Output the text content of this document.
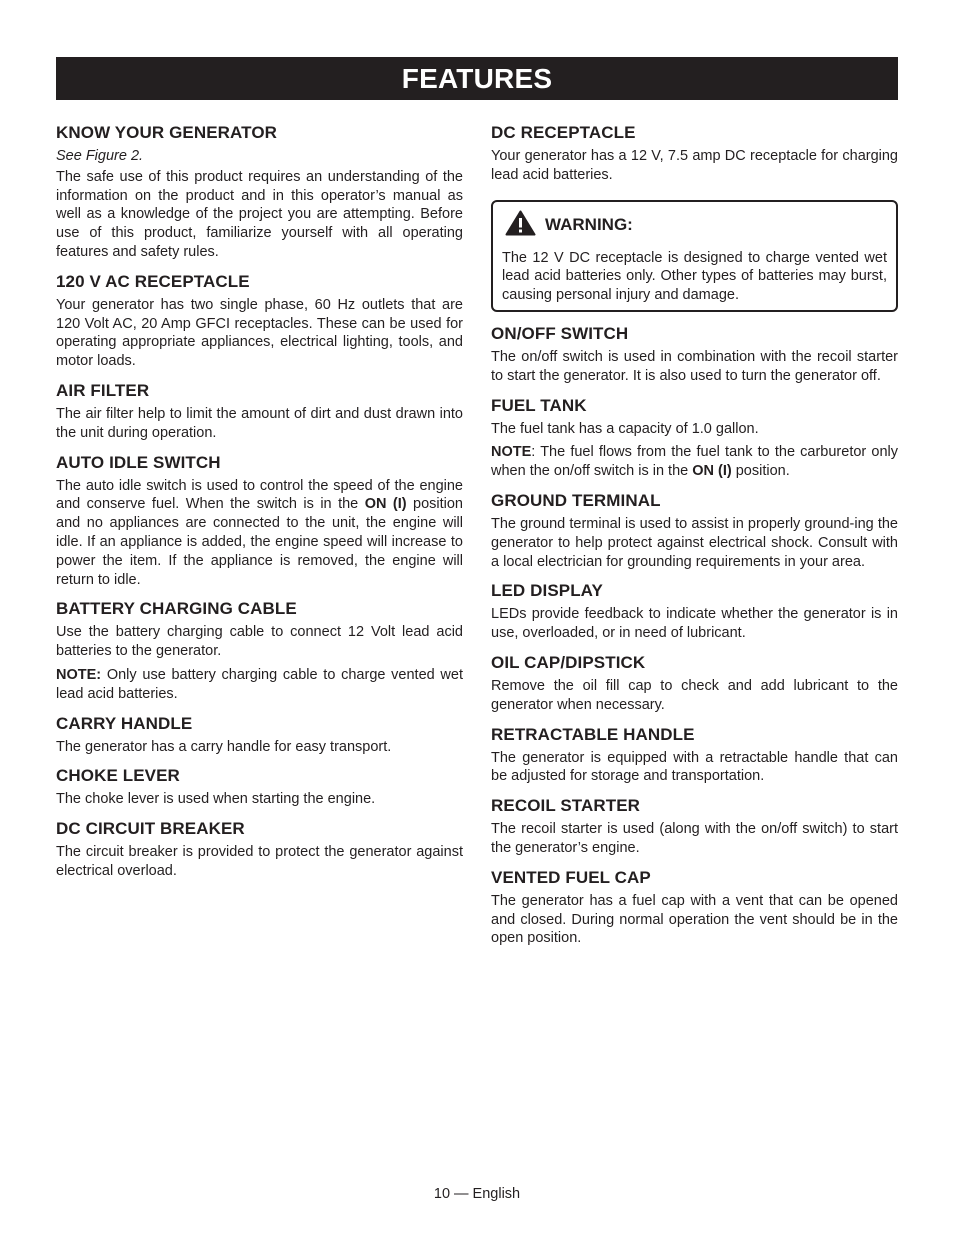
FEATURES
KNOW YOUR GENERATOR

See Figure 2.

The safe use of this product requires an understanding of the information on the product and in this operator’s manual as well as a knowledge of the project you are attempting. Before use of this product, familiarize yourself with all operating features and safety rules.

120 V AC RECEPTACLE

Your generator has two single phase, 60 Hz outlets that are 120 Volt AC, 20 Amp GFCI receptacles. These can be used for operating appropriate appliances, electrical lighting, tools, and motor loads.

AIR FILTER

The air filter help to limit the amount of dirt and dust drawn into the unit during operation.

AUTO IDLE SWITCH

The auto idle switch is used to control the speed of the engine and conserve fuel. When the switch is in the ON (I) position and no appliances are connected to the unit, the engine will idle. If an appliance is added, the engine speed will increase to power the item. If the appliance is removed, the engine will return to idle.

BATTERY CHARGING CABLE

Use the battery charging cable to connect 12 Volt lead acid batteries to the generator.

NOTE: Only use battery charging cable to charge vented wet lead acid batteries.

CARRY HANDLE

The generator has a carry handle for easy transport.

CHOKE LEVER

The choke lever is used when starting the engine.

DC CIRCUIT BREAKER

The circuit breaker is provided to protect the generator against electrical overload.

DC RECEPTACLE

Your generator has a 12 V, 7.5 amp DC receptacle for charging lead acid batteries.

WARNING:

The 12 V DC receptacle is designed to charge vented wet lead acid batteries only. Other types of batteries may burst, causing personal injury and damage.

ON/OFF SWITCH

The on/off switch is used in combination with the recoil starter to start the generator. It is also used to turn the generator off.

FUEL TANK

The fuel tank has a capacity of 1.0 gallon.

NOTE: The fuel flows from the fuel tank to the carburetor only when the on/off switch is in the ON (I) position.

GROUND TERMINAL

The ground terminal is used to assist in properly ground-ing the generator to help protect against electrical shock. Consult with a local electrician for grounding requirements in your area.

LED DISPLAY

LEDs provide feedback to indicate whether the generator is in use, overloaded, or in need of lubricant.

OIL CAP/DIPSTICK

Remove the oil fill cap to check and add lubricant to the generator when necessary.

RETRACTABLE HANDLE

The generator is equipped with a retractable handle that can be adjusted for storage and transportation.

RECOIL STARTER

The recoil starter is used (along with the on/off switch) to start the generator’s engine.

VENTED FUEL CAP

The generator has a fuel cap with a vent that can be opened and closed. During normal operation the vent should be in the open position.

10 — English
